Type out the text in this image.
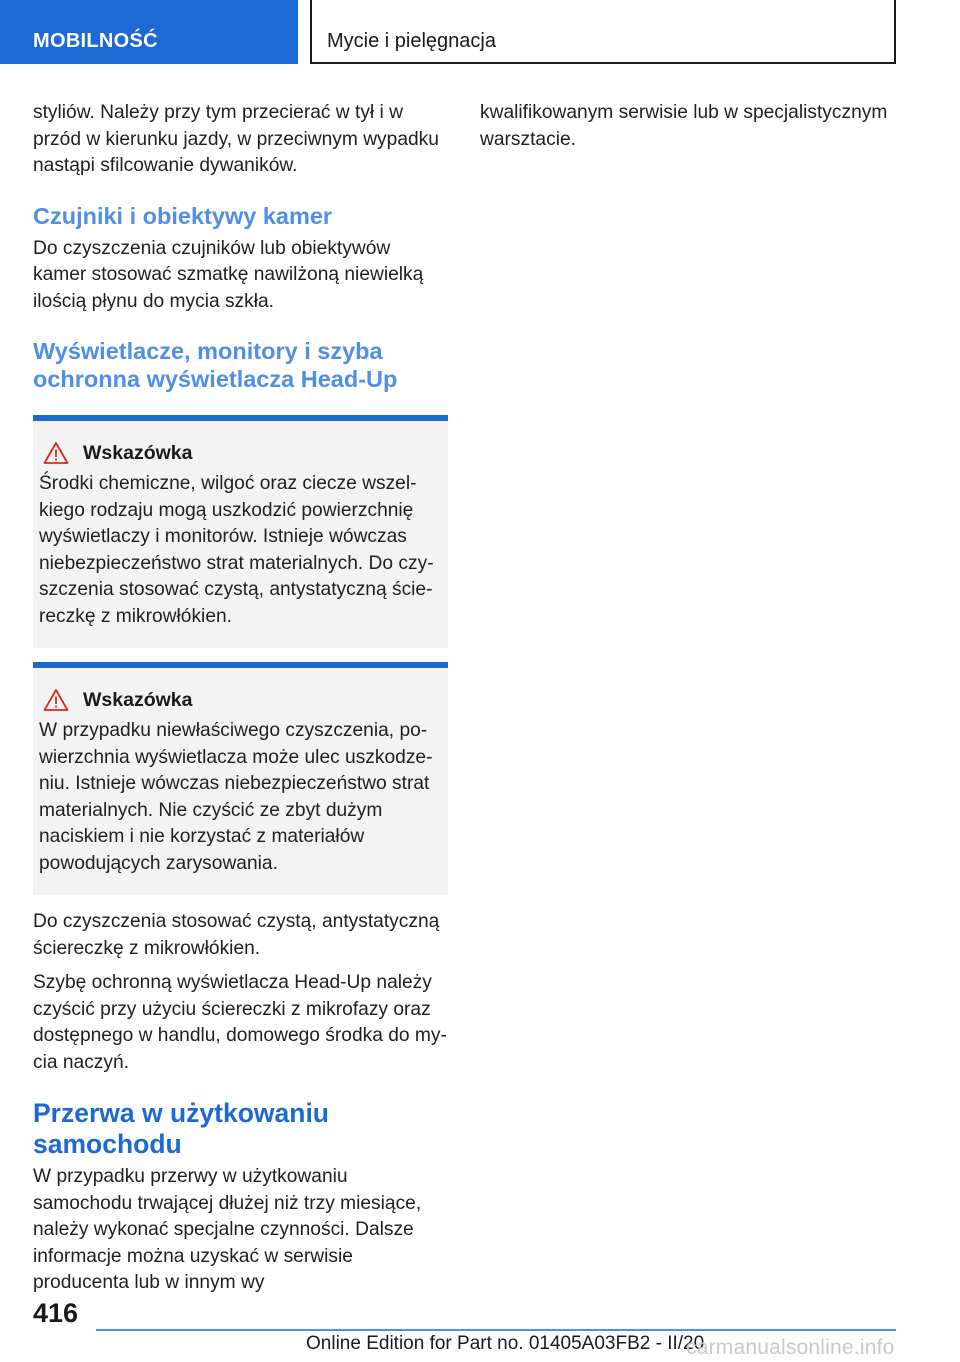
MOBILNOŚĆ	Mycie i pielęgnacja

styliów. Należy przy tym przecierać w tył i w przód w kierunku jazdy, w przeciwnym wypadku nastąpi sfilcowanie dywaników.

Czujniki i obiektywy kamer

Do czyszczenia czujników lub obiektywów kamer stosować szmatkę nawilżoną niewielką ilością płynu do mycia szkła.

Wyświetlacze, monitory i szyba ochronna wyświetlacza Head-Up
Wskazówka

Środki chemiczne, wilgoć oraz ciecze wszelkiego rodzaju mogą uszkodzić powierzchnię wyświetlaczy i monitorów. Istnieje wówczas niebezpieczeństwo strat materialnych. Do czyszczenia stosować czystą, antystatyczną ściereczkę z mikrowłókien.

Wskazówka

W przypadku niewłaściwego czyszczenia, powierzchnia wyświetlacza może ulec uszkodzeniu. Istnieje wówczas niebezpieczeństwo strat materialnych. Nie czyścić ze zbyt dużym naciskiem i nie korzystać z materiałów powodujących zarysowania.

Do czyszczenia stosować czystą, antystatyczną ściereczkę z mikrowłókien.

Szybę ochronną wyświetlacza Head-Up należy czyścić przy użyciu ściereczki z mikrofazy oraz dostępnego w handlu, domowego środka do mycia naczyń.

Przerwa w użytkowaniu samochodu

W przypadku przerwy w użytkowaniu samochodu trwającej dłużej niż trzy miesiące, należy wykonać specjalne czynności. Dalsze informacje można uzyskać w serwisie producenta lub w innym wy

kwalifikowanym serwisie lub w specjalistycznym warsztacie.

416
Online Edition for Part no. 01405A03FB2 - II/20
carmanualsonline.info
